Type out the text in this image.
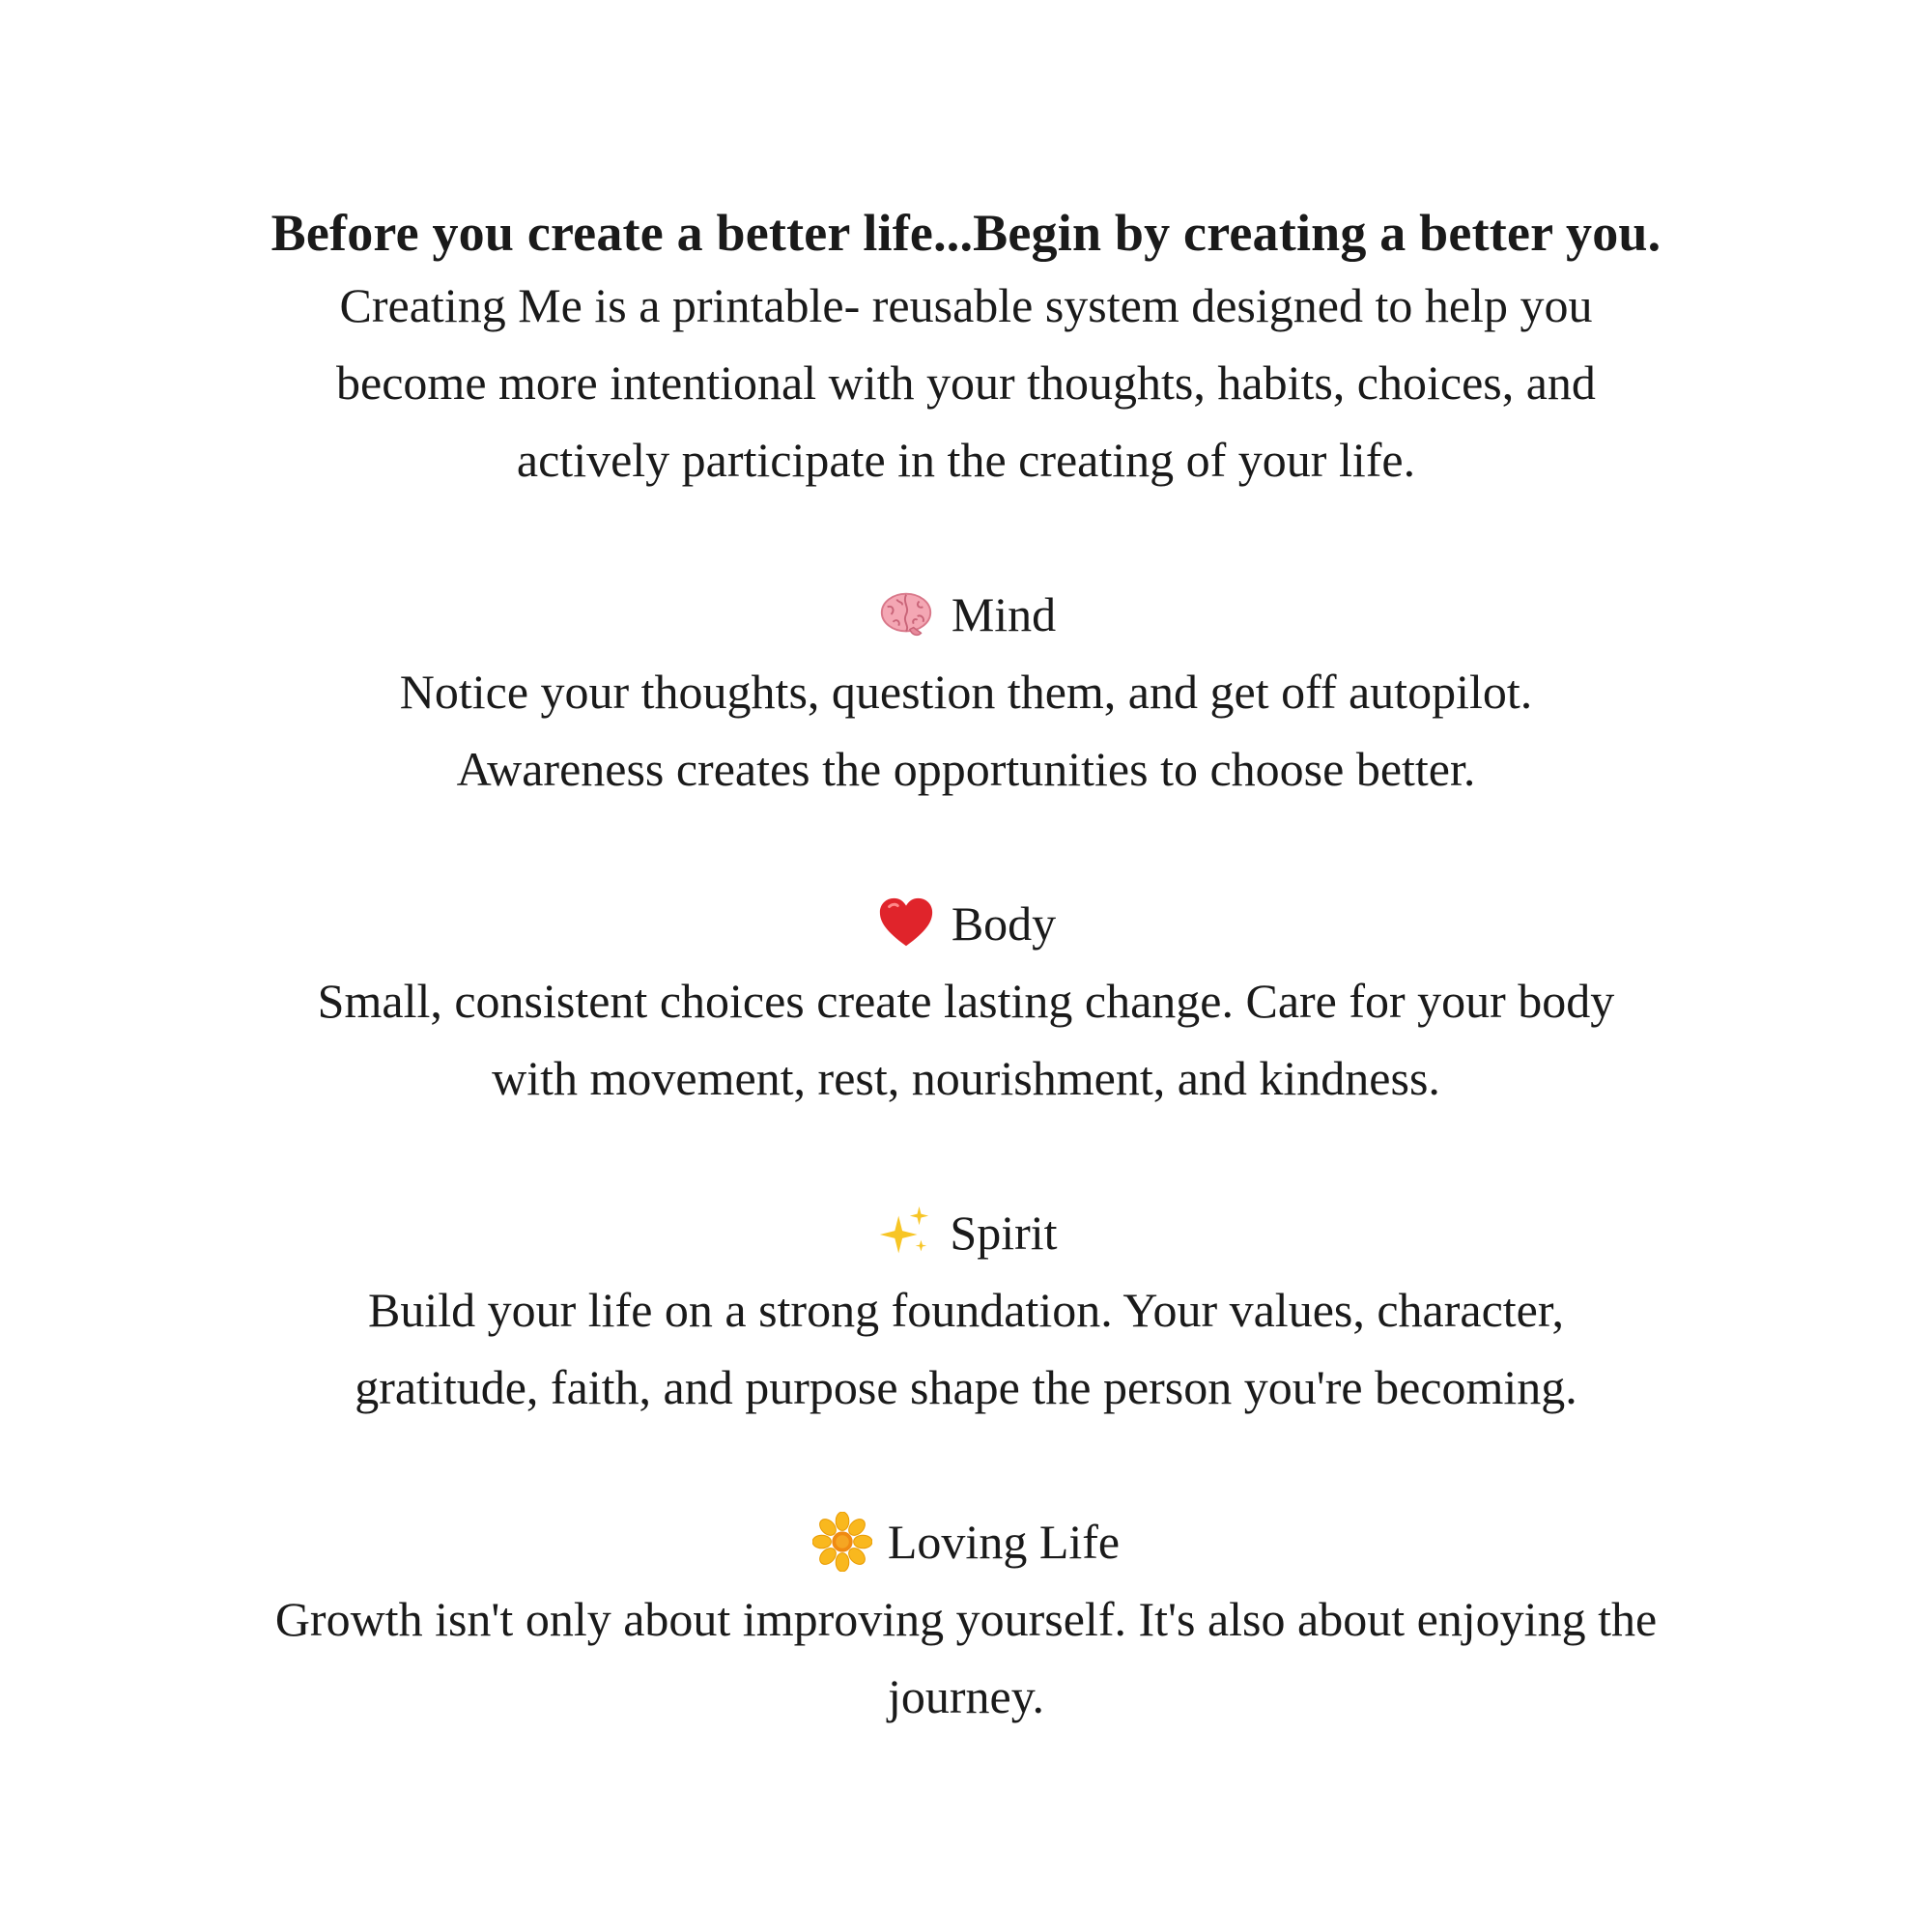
Before you create a better life...Begin by creating a better you.

Creating Me is a printable- reusable system designed to help you

become more intentional with your thoughts, habits, choices, and

actively participate in the creating of your life.

Mind

Notice your thoughts, question them, and get off autopilot.

Awareness creates the opportunities to choose better.

Body

Small, consistent choices create lasting change. Care for your body

with movement, rest, nourishment, and kindness.

Spirit

Build your life on a strong foundation. Your values, character,

gratitude, faith, and purpose shape the person you're becoming.

Loving Life

Growth isn't only about improving yourself. It's also about enjoying the

journey.
